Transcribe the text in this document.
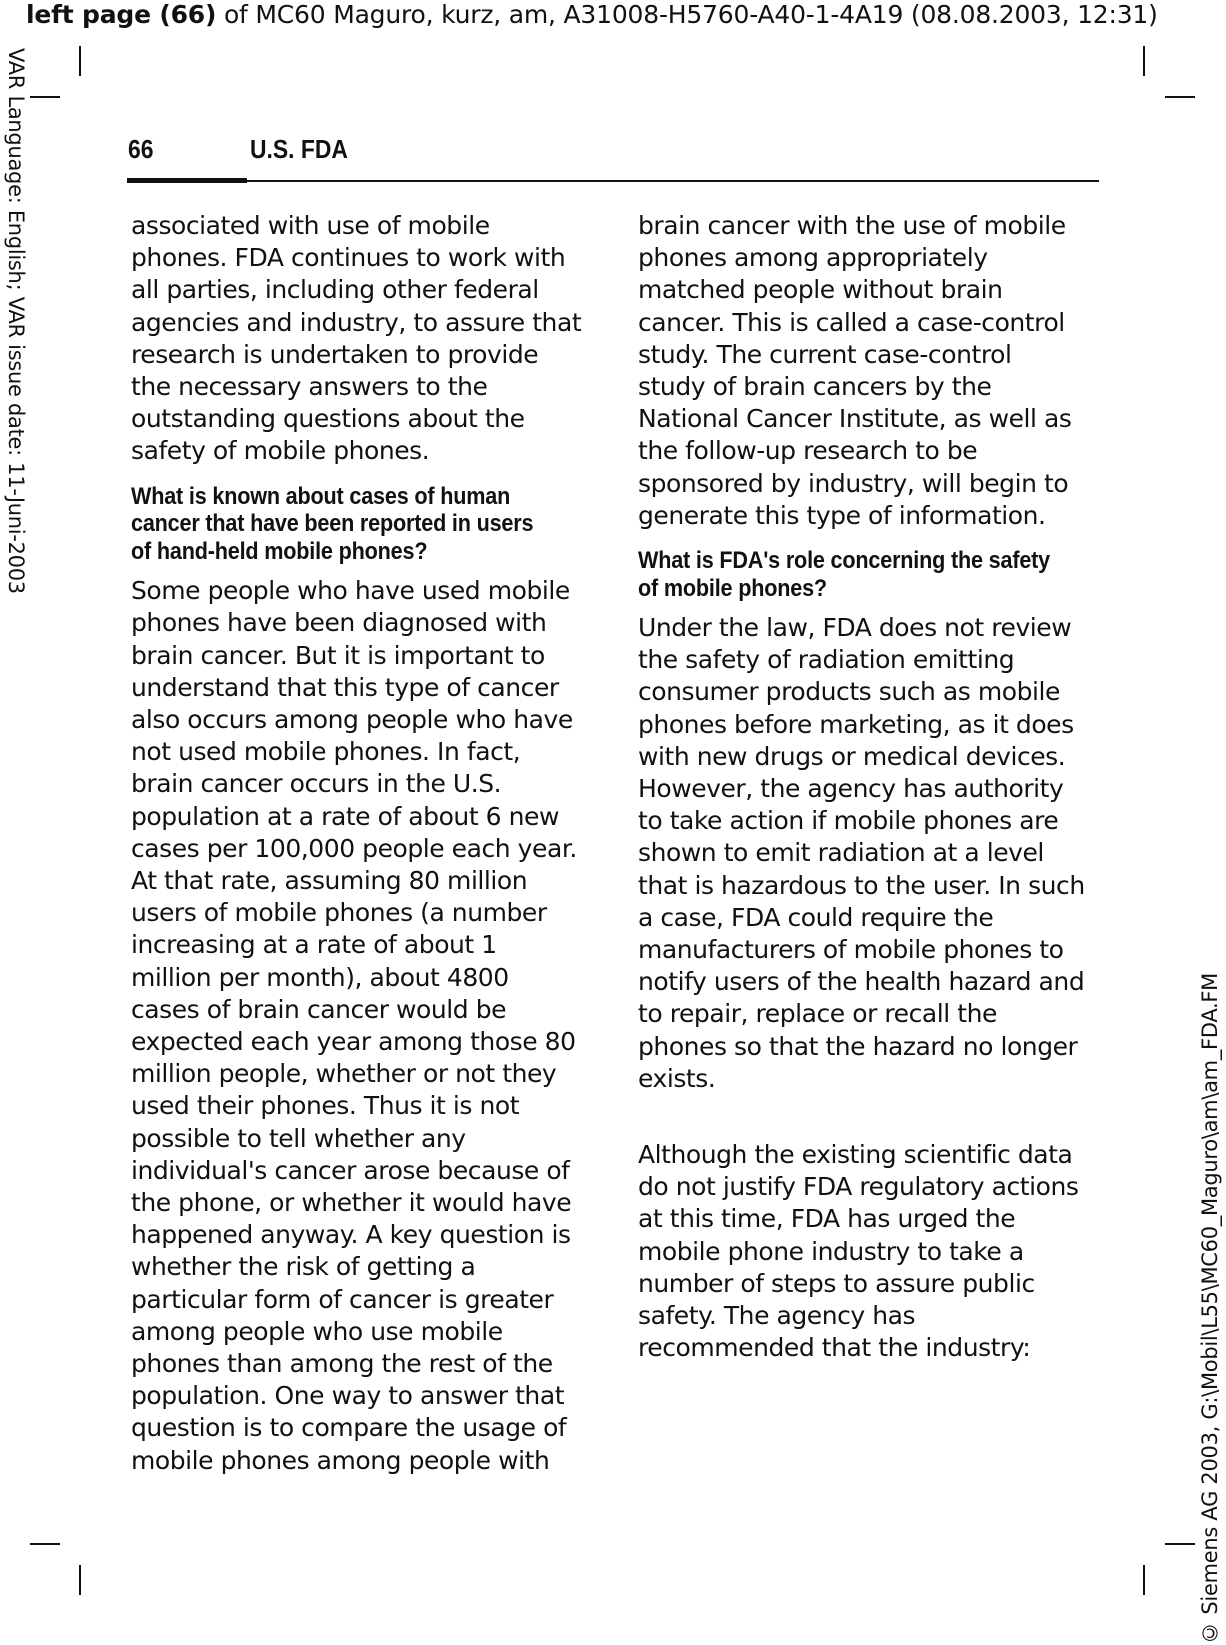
left page (66) of MC60 Maguro, kurz, am, A31008-H5760-A40-1-4A19 (08.08.2003, 12:31)
VAR Language: English; VAR issue date: 11-Juni-2003
© Siemens AG 2003, G:\Mobil\L55\MC60_Maguro\am\am_FDA.FM
66	U.S. FDA

associated with use of mobile
phones. FDA continues to work with
all parties, including other federal
agencies and industry, to assure that
research is undertaken to provide
the necessary answers to the
outstanding questions about the
safety of mobile phones.

What is known about cases of human
cancer that have been reported in users
of hand-held mobile phones?

Some people who have used mobile
phones have been diagnosed with
brain cancer. But it is important to
understand that this type of cancer
also occurs among people who have
not used mobile phones. In fact,
brain cancer occurs in the U.S.
population at a rate of about 6 new
cases per 100,000 people each year.
At that rate, assuming 80 million
users of mobile phones (a number
increasing at a rate of about 1
million per month), about 4800
cases of brain cancer would be
expected each year among those 80
million people, whether or not they
used their phones. Thus it is not
possible to tell whether any
individual's cancer arose because of
the phone, or whether it would have
happened anyway. A key question is
whether the risk of getting a
particular form of cancer is greater
among people who use mobile
phones than among the rest of the
population. One way to answer that
question is to compare the usage of
mobile phones among people with

brain cancer with the use of mobile
phones among appropriately
matched people without brain
cancer. This is called a case-control
study. The current case-control
study of brain cancers by the
National Cancer Institute, as well as
the follow-up research to be
sponsored by industry, will begin to
generate this type of information.

What is FDA's role concerning the safety
of mobile phones?

Under the law, FDA does not review
the safety of radiation emitting
consumer products such as mobile
phones before marketing, as it does
with new drugs or medical devices.
However, the agency has authority
to take action if mobile phones are
shown to emit radiation at a level
that is hazardous to the user. In such
a case, FDA could require the
manufacturers of mobile phones to
notify users of the health hazard and
to repair, replace or recall the
phones so that the hazard no longer
exists.

Although the existing scientific data
do not justify FDA regulatory actions
at this time, FDA has urged the
mobile phone industry to take a
number of steps to assure public
safety. The agency has
recommended that the industry:
